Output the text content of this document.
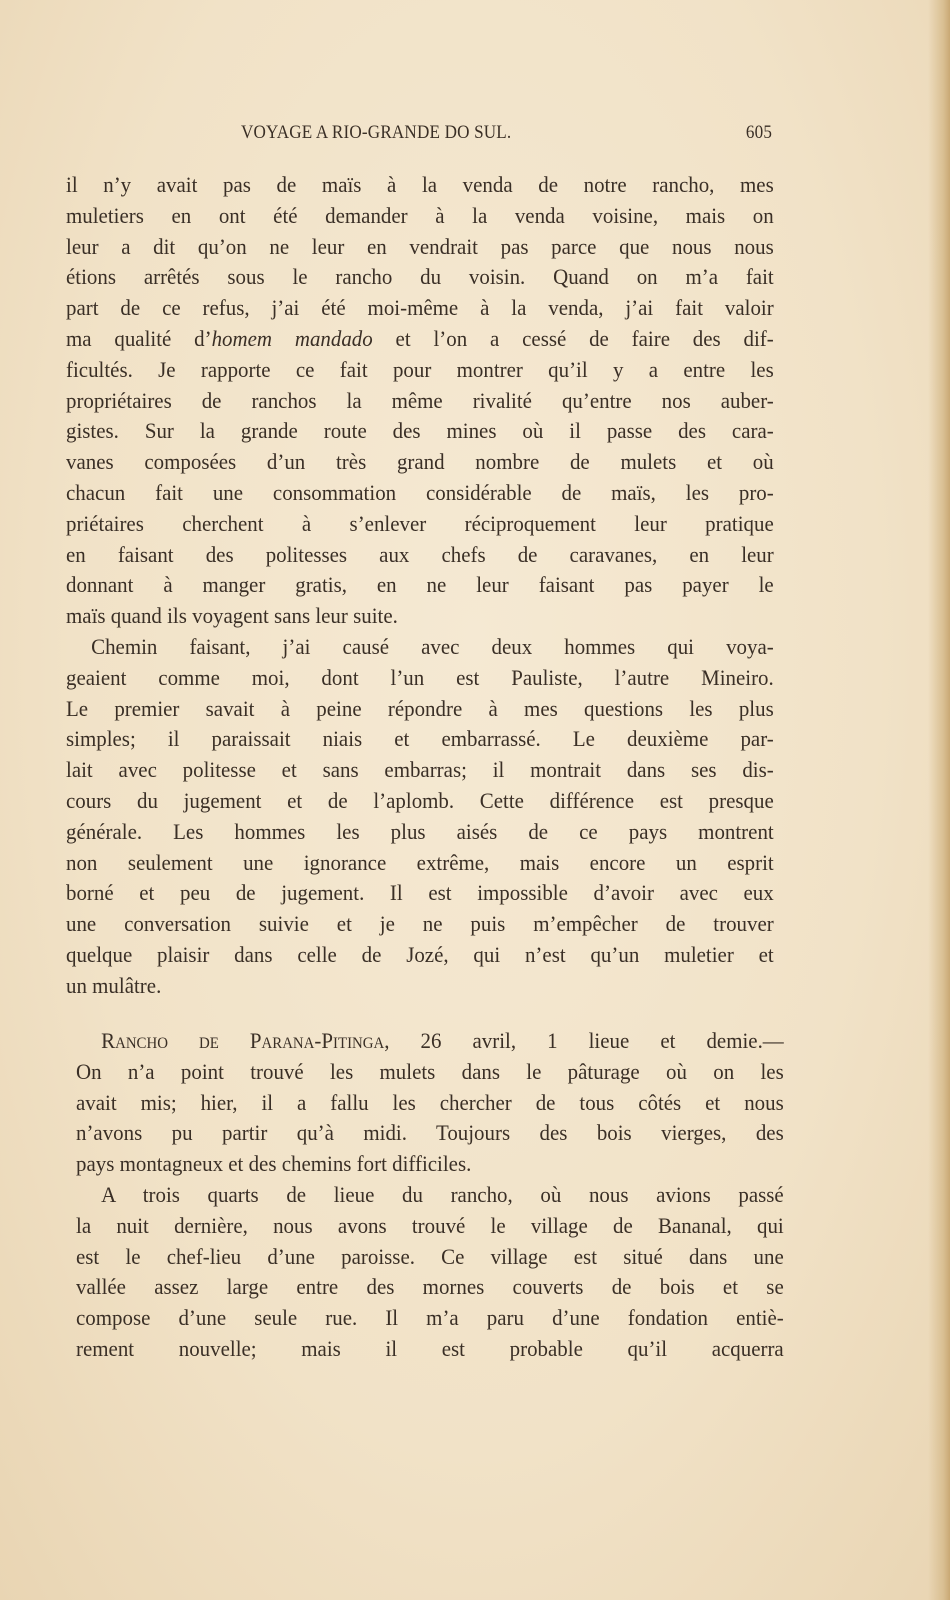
VOYAGE A RIO-GRANDE DO SUL.	605
il n’y avait pas de maïs à la venda de notre rancho, mes
muletiers en ont été demander à la venda voisine, mais on
leur a dit qu’on ne leur en vendrait pas parce que nous nous
étions arrêtés sous le rancho du voisin. Quand on m’a fait
part de ce refus, j’ai été moi-même à la venda, j’ai fait valoir
ma qualité d’homem mandado et l’on a cessé de faire des dif-
ficultés. Je rapporte ce fait pour montrer qu’il y a entre les
propriétaires de ranchos la même rivalité qu’entre nos auber-
gistes. Sur la grande route des mines où il passe des cara-
vanes composées d’un très grand nombre de mulets et où
chacun fait une consommation considérable de maïs, les pro-
priétaires cherchent à s’enlever réciproquement leur pratique
en faisant des politesses aux chefs de caravanes, en leur
donnant à manger gratis, en ne leur faisant pas payer le
maïs quand ils voyagent sans leur suite.
Chemin faisant, j’ai causé avec deux hommes qui voya-
geaient comme moi, dont l’un est Pauliste, l’autre Mineiro.
Le premier savait à peine répondre à mes questions les plus
simples; il paraissait niais et embarrassé. Le deuxième par-
lait avec politesse et sans embarras; il montrait dans ses dis-
cours du jugement et de l’aplomb. Cette différence est presque
générale. Les hommes les plus aisés de ce pays montrent
non seulement une ignorance extrême, mais encore un esprit
borné et peu de jugement. Il est impossible d’avoir avec eux
une conversation suivie et je ne puis m’empêcher de trouver
quelque plaisir dans celle de Jozé, qui n’est qu’un muletier et
un mulâtre.
Rancho de Parana-Pitinga, 26 avril, 1 lieue et demie.—
On n’a point trouvé les mulets dans le pâturage où on les
avait mis; hier, il a fallu les chercher de tous côtés et nous
n’avons pu partir qu’à midi. Toujours des bois vierges, des
pays montagneux et des chemins fort difficiles.
A trois quarts de lieue du rancho, où nous avions passé
la nuit dernière, nous avons trouvé le village de Bananal, qui
est le chef-lieu d’une paroisse. Ce village est situé dans une
vallée assez large entre des mornes couverts de bois et se
compose d’une seule rue. Il m’a paru d’une fondation entiè-
rement nouvelle; mais il est probable qu’il acquerra
